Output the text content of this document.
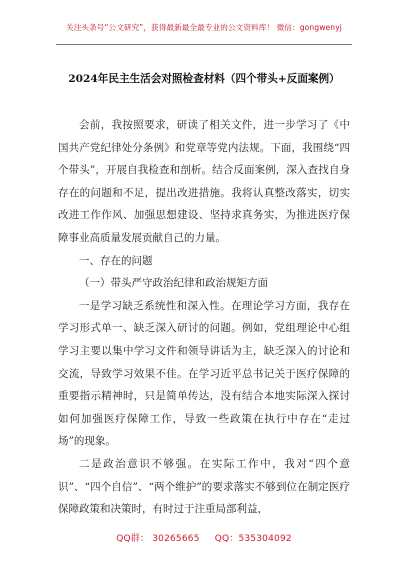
关注头条号“公文研究”，获得最新最全最专业的公文资料库！ 微信：gongwenyj
2024年民主生活会对照检查材料（四个带头+反面案例）

会前，我按照要求，研读了相关文件，进一步学习了《中国共产党纪律处分条例》和党章等党内法规。下面，我围绕“四个带头”，开展自我检查和剖析。结合反面案例，深入查找自身存在的问题和不足，提出改进措施。我将认真整改落实，切实改进工作作风、加强思想建设、坚持求真务实，为推进医疗保障事业高质量发展贡献自己的力量。

一、存在的问题
（一）带头严守政治纪律和政治规矩方面

一是学习缺乏系统性和深入性。在理论学习方面，我存在学习形式单一、缺乏深入研讨的问题。例如，党组理论中心组学习主要以集中学习文件和领导讲话为主，缺乏深入的讨论和交流，导致学习效果不佳。在学习近平总书记关于医疗保障的重要指示精神时，只是简单传达，没有结合本地实际深入探讨如何加强医疗保障工作，导致一些政策在执行中存在“走过场”的现象。

二是政治意识不够强。在实际工作中，我对“四个意识”、“四个自信”、“两个维护”的要求落实不够到位在制定医疗保障政策和决策时，有时过于注重局部利益，

QQ群： 30265665 QQ：535304092
